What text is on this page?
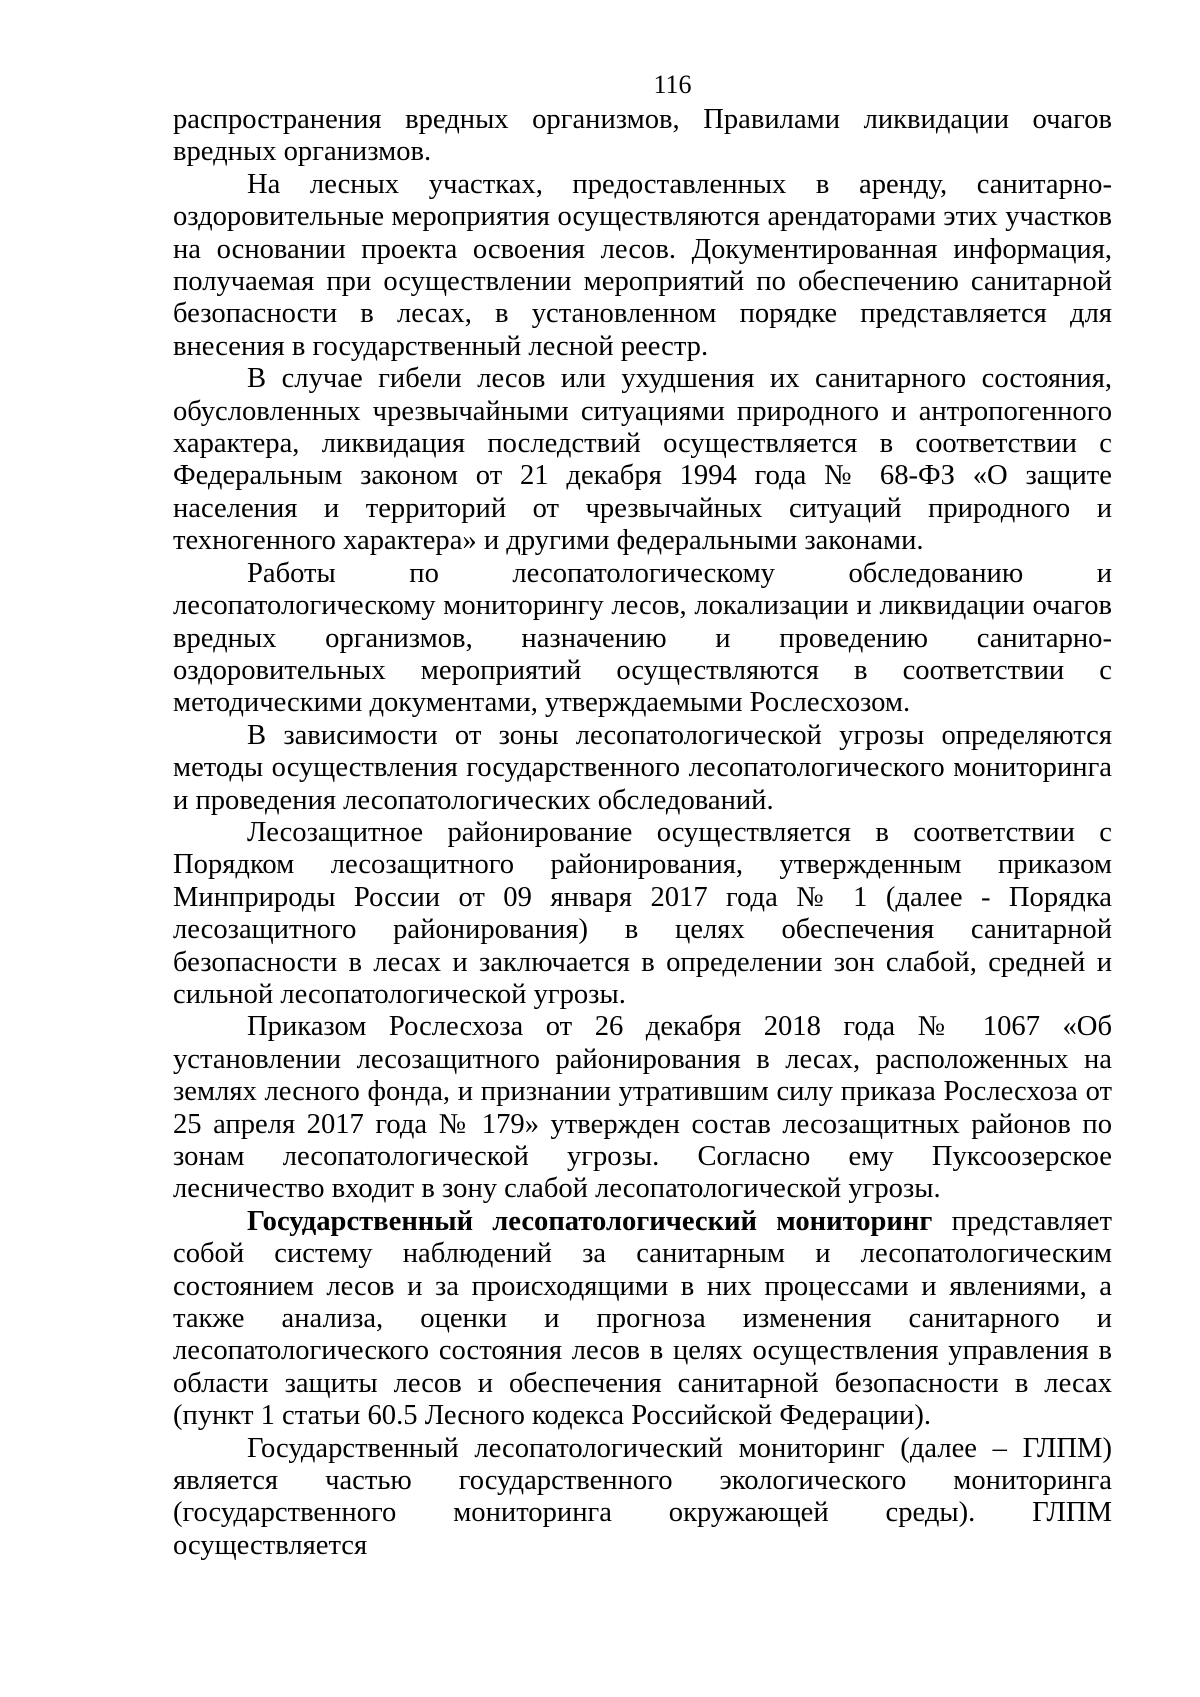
116

распространения вредных организмов, Правилами ликвидации очагов вредных организмов.

На лесных участках, предоставленных в аренду, санитарно-оздоровительные мероприятия осуществляются арендаторами этих участков на основании проекта освоения лесов. Документированная информация, получаемая при осуществлении мероприятий по обеспечению санитарной безопасности в лесах, в установленном порядке представляется для внесения в государственный лесной реестр.

В случае гибели лесов или ухудшения их санитарного состояния, обусловленных чрезвычайными ситуациями природного и антропогенного характера, ликвидация последствий осуществляется в соответствии с Федеральным законом от 21 декабря 1994 года № 68-ФЗ «О защите населения и территорий от чрезвычайных ситуаций природного и техногенного характера» и другими федеральными законами.

Работы по лесопатологическому обследованию и лесопатологическому мониторингу лесов, локализации и ликвидации очагов вредных организмов, назначению и проведению санитарно-оздоровительных мероприятий осуществляются в соответствии с методическими документами, утверждаемыми Рослесхозом.

В зависимости от зоны лесопатологической угрозы определяются методы осуществления государственного лесопатологического мониторинга и проведения лесопатологических обследований.

Лесозащитное районирование осуществляется в соответствии с Порядком лесозащитного районирования, утвержденным приказом Минприроды России от 09 января 2017 года № 1 (далее - Порядка лесозащитного районирования) в целях обеспечения санитарной безопасности в лесах и заключается в определении зон слабой, средней и сильной лесопатологической угрозы.

Приказом Рослесхоза от 26 декабря 2018 года № 1067 «Об установлении лесозащитного районирования в лесах, расположенных на землях лесного фонда, и признании утратившим силу приказа Рослесхоза от 25 апреля 2017 года № 179» утвержден состав лесозащитных районов по зонам лесопатологической угрозы. Согласно ему Пуксоозерское лесничество входит в зону слабой лесопатологической угрозы.

Государственный лесопатологический мониторинг представляет собой систему наблюдений за санитарным и лесопатологическим состоянием лесов и за происходящими в них процессами и явлениями, а также анализа, оценки и прогноза изменения санитарного и лесопатологического состояния лесов в целях осуществления управления в области защиты лесов и обеспечения санитарной безопасности в лесах (пункт 1 статьи 60.5 Лесного кодекса Российской Федерации).

Государственный лесопатологический мониторинг (далее – ГЛПМ) является частью государственного экологического мониторинга (государственного мониторинга окружающей среды). ГЛПМ осуществляется
